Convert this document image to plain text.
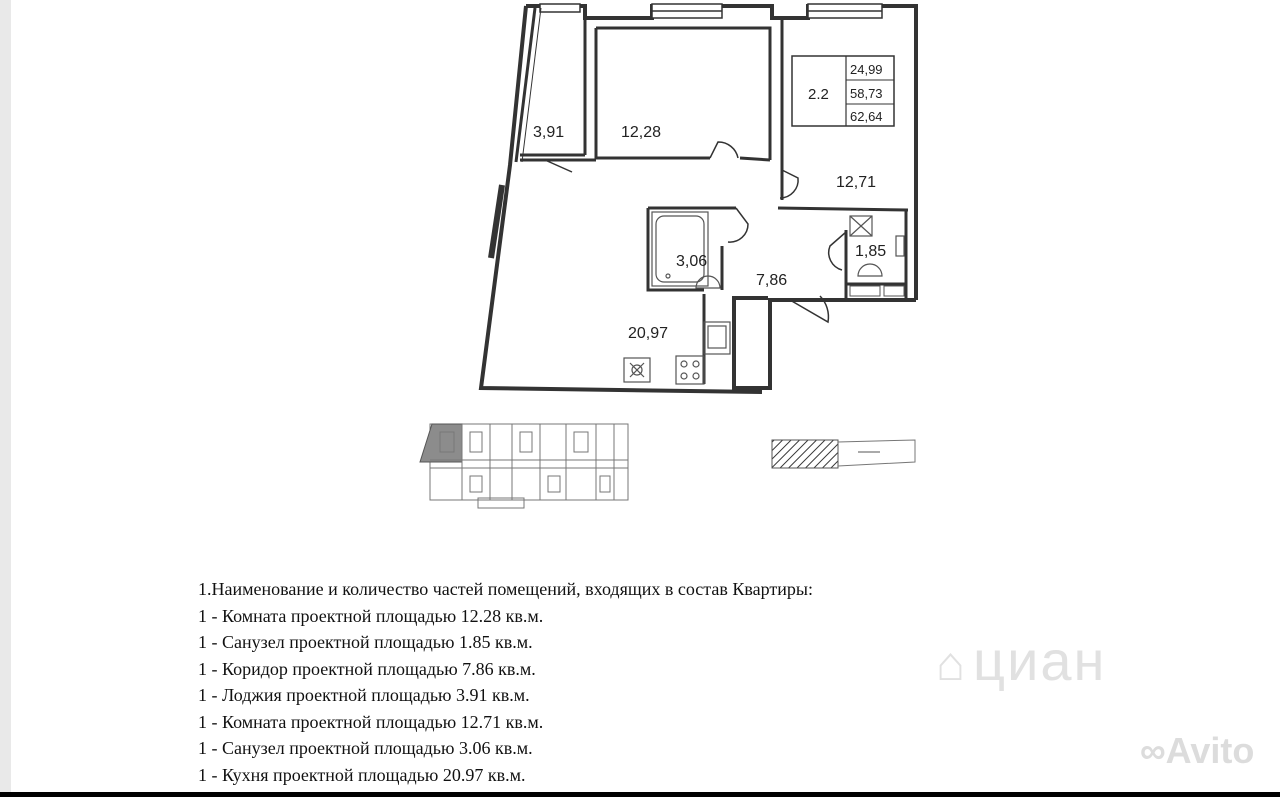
2.2
24,99
58,73
62,64
3,91	12,28
12,71
3,06
1,85
7,86
20,97
1.Наименование и количество частей помещений, входящих в состав Квартиры:
1 - Комната проектной площадью 12.28 кв.м.
1 - Санузел проектной площадью 1.85 кв.м.
1 - Коридор проектной площадью 7.86 кв.м.
1 - Лоджия проектной площадью 3.91 кв.м.
1 - Комната проектной площадью 12.71 кв.м.
1 - Санузел проектной площадью 3.06 кв.м.
1 - Кухня проектной площадью 20.97 кв.м.
⌂ циан
∞Avito
